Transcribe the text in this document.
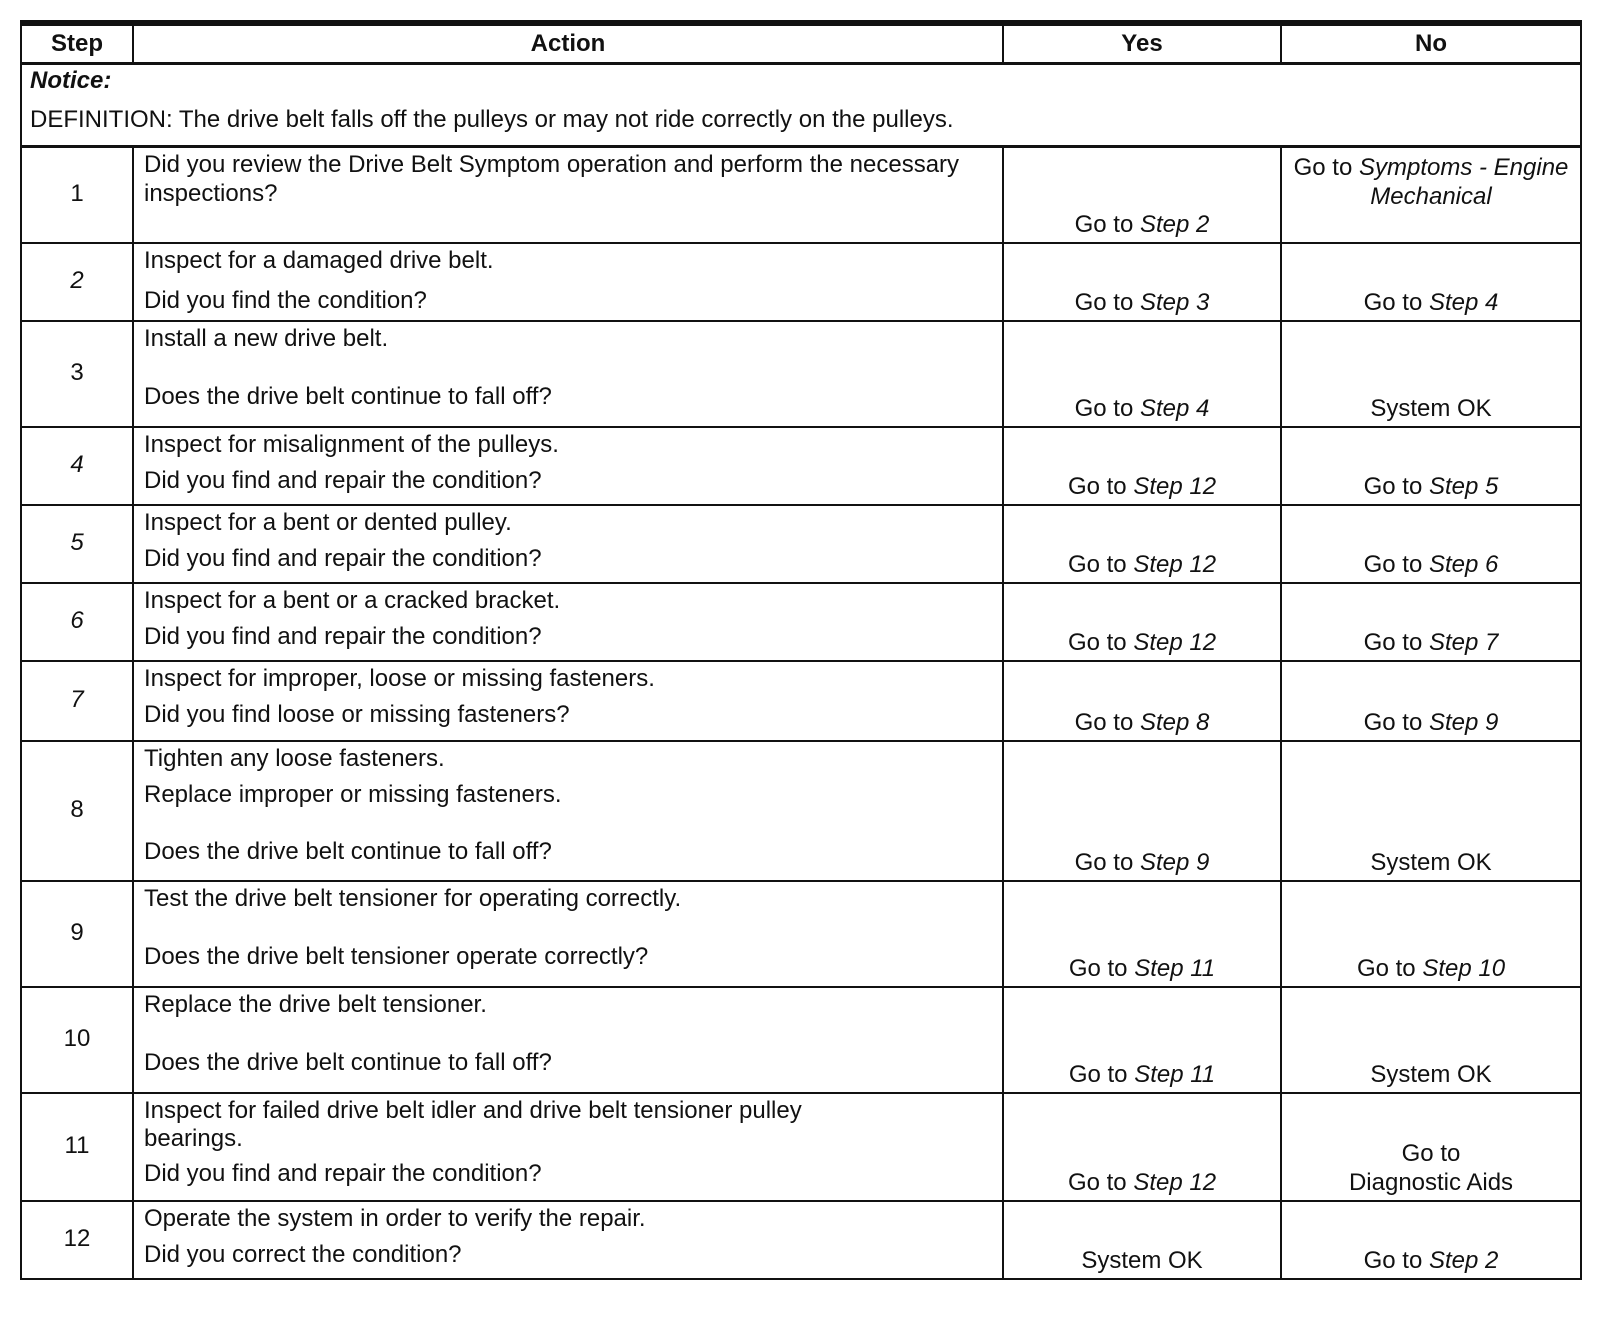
Step	Action	Yes	No

Notice:
DEFINITION: The drive belt falls off the pulleys or may not ride correctly on the pulleys.			

1	Did you review the Drive Belt Symptom operation and perform the necessary inspections?	Go to Step 2	Go to Symptoms - Engine Mechanical
2	Inspect for a damaged drive belt.
Did you find the condition?	Go to Step 3	Go to Step 4
3	Install a new drive belt.
Does the drive belt continue to fall off?	Go to Step 4	System OK
4	Inspect for misalignment of the pulleys.
Did you find and repair the condition?	Go to Step 12	Go to Step 5
5	Inspect for a bent or dented pulley.
Did you find and repair the condition?	Go to Step 12	Go to Step 6
6	Inspect for a bent or a cracked bracket.
Did you find and repair the condition?	Go to Step 12	Go to Step 7
7	Inspect for improper, loose or missing fasteners.
Did you find loose or missing fasteners?	Go to Step 8	Go to Step 9
8	Tighten any loose fasteners.
Replace improper or missing fasteners.
Does the drive belt continue to fall off?	Go to Step 9	System OK
9	Test the drive belt tensioner for operating correctly.
Does the drive belt tensioner operate correctly?	Go to Step 11	Go to Step 10
10	Replace the drive belt tensioner.
Does the drive belt continue to fall off?	Go to Step 11	System OK
11	Inspect for failed drive belt idler and drive belt tensioner pulley bearings.
Did you find and repair the condition?	Go to Step 12	Go to
Diagnostic Aids

12	Operate the system in order to verify the repair.
Did you correct the condition?	System OK	Go to Step 2
